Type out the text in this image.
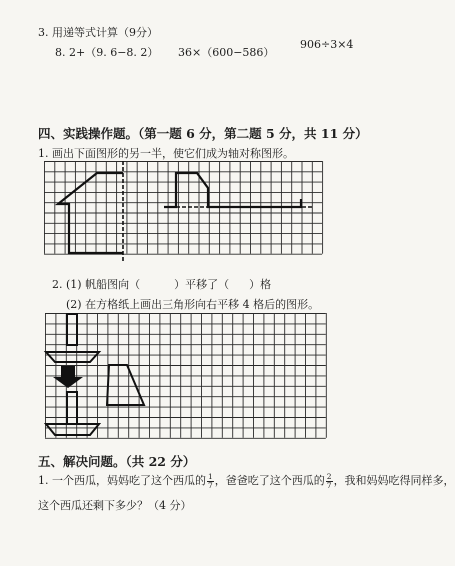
3. 用递等式计算（9分）
8. 2+（9. 6−8. 2） 36×（600−586）
906÷3×4
四、实践操作题。（第一题 6 分，第二题 5 分，共 11 分）
1. 画出下面图形的另一半，使它们成为轴对称图形。
2. (1) 帆船图向（	）平移了（ ）格
(2) 在方格纸上画出三角形向右平移 4 格后的图形。
五、解决问题。（共 22 分）
1. 一个西瓜，妈妈吃了这个西瓜的 $\frac{1}{7}$ ，爸爸吃了这个西瓜的 $\frac{2}{7}$ ，我和妈妈吃得同样多，
这个西瓜还剩下多少？（4 分）
